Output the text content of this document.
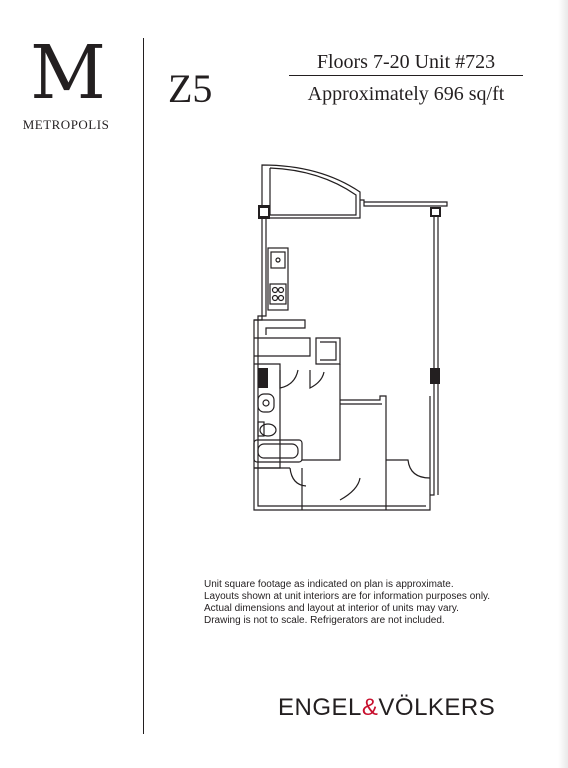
M
METROPOLIS
Z5
Floors 7-20 Unit #723
Approximately 696 sq/ft
Unit square footage as indicated on plan is approximate.
Layouts shown at unit interiors are for information purposes only.
Actual dimensions and layout at interior of units may vary.
Drawing is not to scale. Refrigerators are not included.
ENGEL&VÖLKERS
